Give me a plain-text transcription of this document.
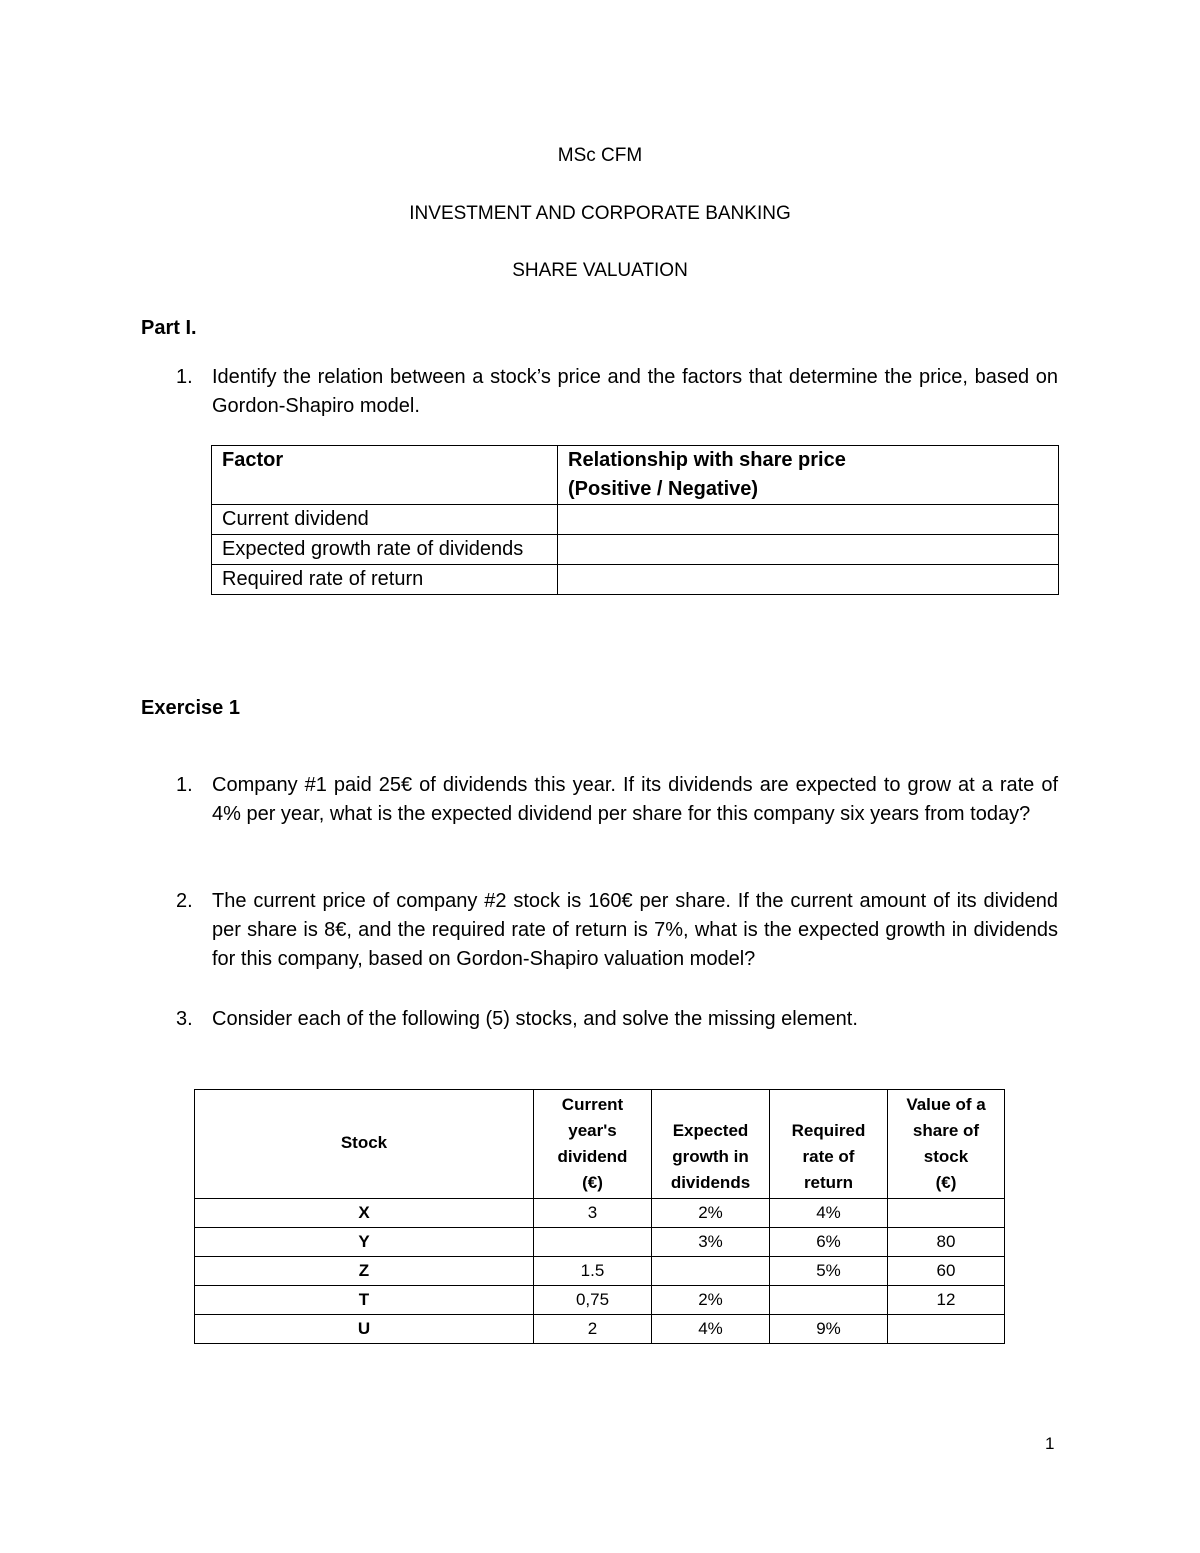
MSc CFM
INVESTMENT AND CORPORATE BANKING
SHARE VALUATION
Part I.
1. Identify the relation between a stock’s price and the factors that determine the price, based on Gordon-Shapiro model.
Factor	Relationship with share price
(Positive / Negative)
Current dividend	
Expected growth rate of dividends	
Required rate of return	
Exercise 1
1. Company #1 paid 25€ of dividends this year. If its dividends are expected to grow at a rate of 4% per year, what is the expected dividend per share for this company six years from today?
2. The current price of company #2 stock is 160€ per share. If the current amount of its dividend per share is 8€, and the required rate of return is 7%, what is the expected growth in dividends for this company, based on Gordon-Shapiro valuation model?
3. Consider each of the following (5) stocks, and solve the missing element.
Stock	Current
year's
dividend
(€)	Expected
growth in
dividends	Required
rate of
return	Value of a
share of
stock
(€)
X	3	2%	4%	
Y		3%	6%	80
Z	1.5		5%	60
T	0,75	2%		12
U	2	4%	9%	
1
